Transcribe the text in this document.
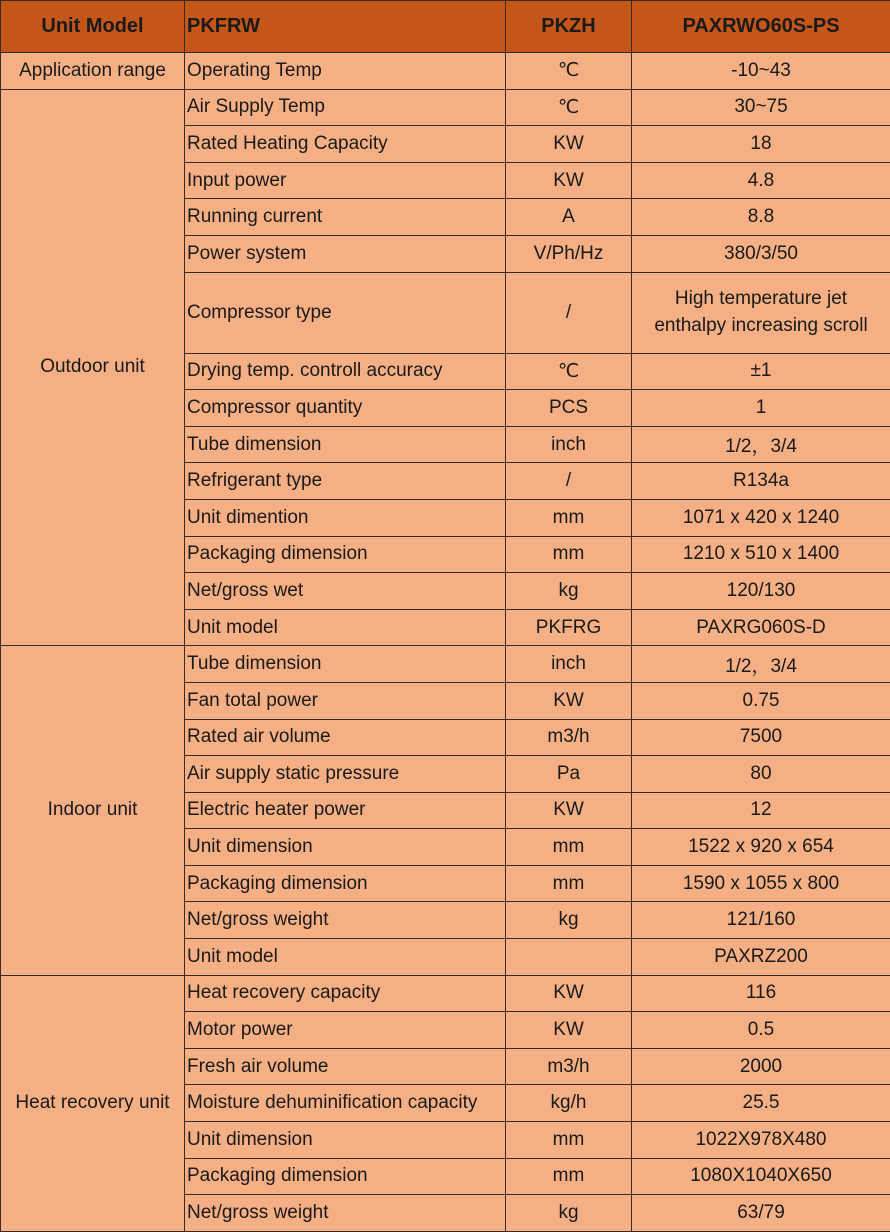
Unit Model	PKFRW	PKZH	PAXRWO60S-PS
Application range	Operating Temp	℃	-10~43
Outdoor unit	Air Supply Temp	℃	30~75
	Rated Heating Capacity	KW	18
	Input power	KW	4.8
	Running current	A	8.8
	Power system	V/Ph/Hz	380/3/50
	Compressor type	/	High temperature jet enthalpy increasing scroll
	Drying temp. controll accuracy	℃	±1
	Compressor quantity	PCS	1
	Tube dimension	inch	1/2，3/4
	Refrigerant type	/	R134a
	Unit dimention	mm	1071 x 420 x 1240
	Packaging dimension	mm	1210 x 510 x 1400
	Net/gross wet	kg	120/130
	Unit model	PKFRG	PAXRG060S-D
Indoor unit	Tube dimension	inch	1/2，3/4
	Fan total power	KW	0.75
	Rated air volume	m3/h	7500
	Air supply static pressure	Pa	80
	Electric heater power	KW	12
	Unit dimension	mm	1522 x 920 x 654
	Packaging dimension	mm	1590 x 1055 x 800
	Net/gross weight	kg	121/160
	Unit model		PAXRZ200
Heat recovery unit	Heat recovery capacity	KW	116
	Motor power	KW	0.5
	Fresh air volume	m3/h	2000
	Moisture dehuminification capacity	kg/h	25.5
	Unit dimension	mm	1022X978X480
	Packaging dimension	mm	1080X1040X650
	Net/gross weight	kg	63/79
